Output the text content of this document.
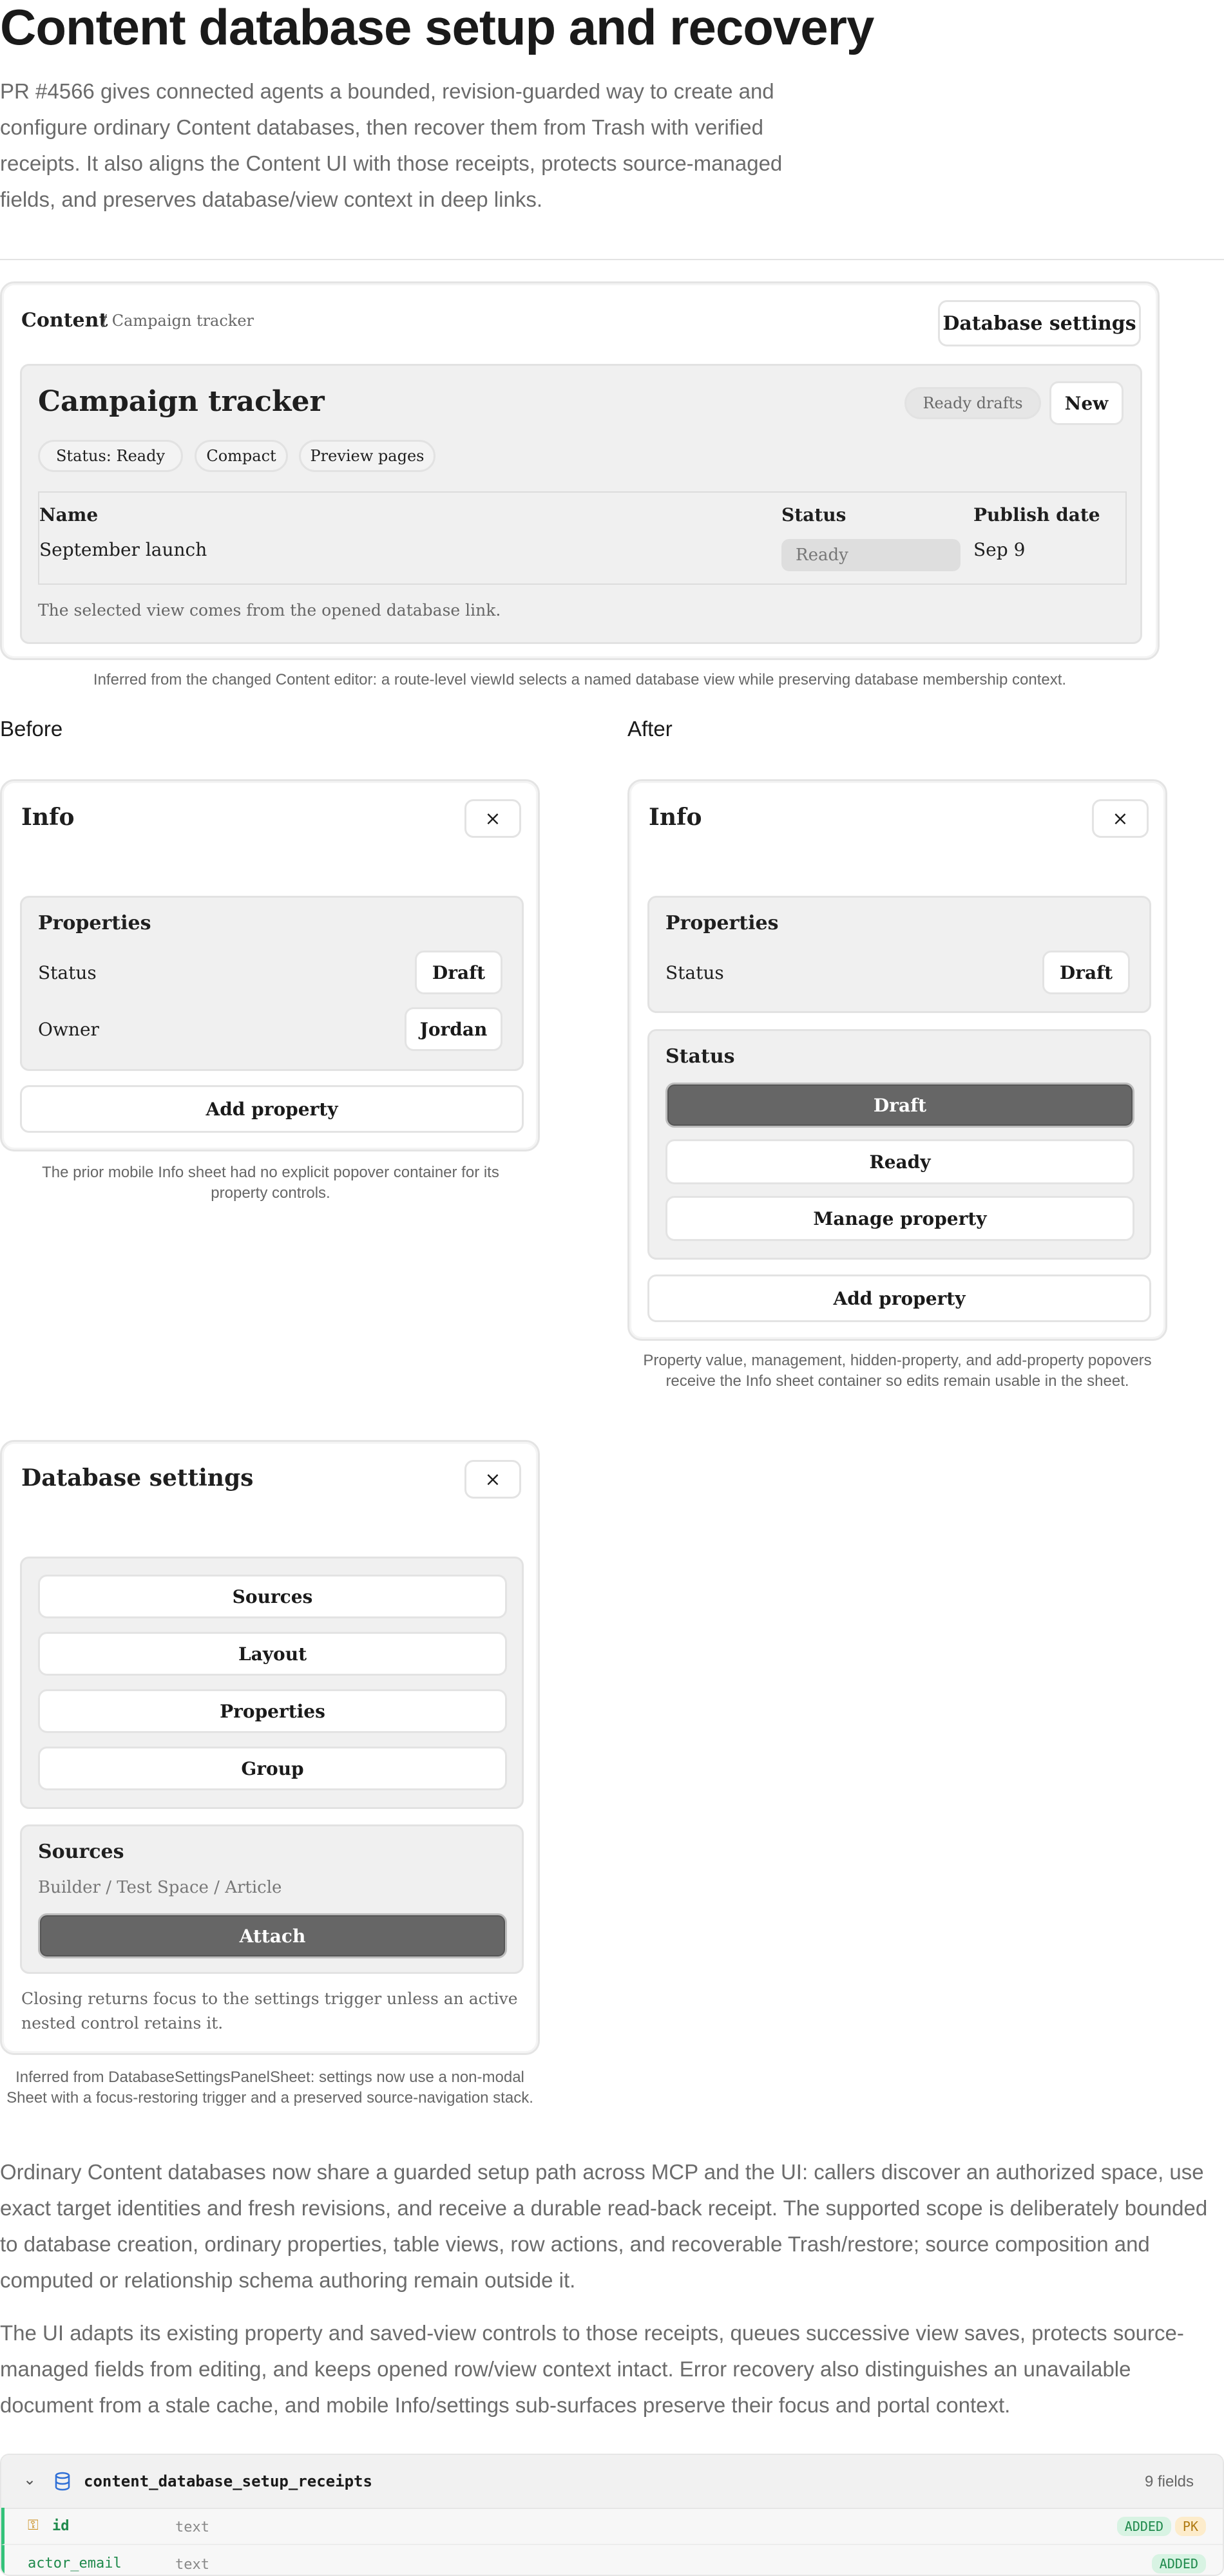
Content database setup and recovery

PR #4566 gives connected agents a bounded, revision-guarded way to create and configure ordinary Content databases, then recover them from Trash with verified receipts. It also aligns the Content UI with those receipts, protects source-managed fields, and preserves database/view context in deep links.

Content
/ Campaign tracker	Database settings
Campaign tracker	Ready drafts	New
Status: Ready	Compact	Preview pages
Name	Status	Publish date
September launch	Ready	Sep 9
The selected view comes from the opened database link.
Inferred from the changed Content editor: a route-level viewId selects a named database view while preserving database membership context.
Before
Info	×
Properties
Status	Draft
Owner	Jordan
Add property
The prior mobile Info sheet had no explicit popover container for its property controls.
After
Info	×
Properties
Status	Draft
Status
Draft
Ready
Manage property
Add property
Property value, management, hidden-property, and add-property popovers receive the Info sheet container so edits remain usable in the sheet.
Database settings	×
Sources
Layout
Properties
Group
Sources
Builder / Test Space / Article
Attach
Closing returns focus to the settings trigger unless an active nested control retains it.
Inferred from DatabaseSettingsPanelSheet: settings now use a non-modal Sheet with a focus-restoring trigger and a preserved source-navigation stack.

Ordinary Content databases now share a guarded setup path across MCP and the UI: callers discover an authorized space, use exact target identities and fresh revisions, and receive a durable read-back receipt. The supported scope is deliberately bounded to database creation, ordinary properties, table views, row actions, and recoverable Trash/restore; source composition and computed or relationship schema authoring remain outside it.

The UI adapts its existing property and saved-view controls to those receipts, queues successive view saves, protects source-managed fields from editing, and keeps opened row/view context intact. Error recovery also distinguishes an unavailable document from a stale cache, and mobile Info/settings sub-surfaces preserve their focus and portal context.

⌄	content_database_setup_receipts	9 fields
⚿ id	text	ADDED	PK
actor_email	text	ADDED
